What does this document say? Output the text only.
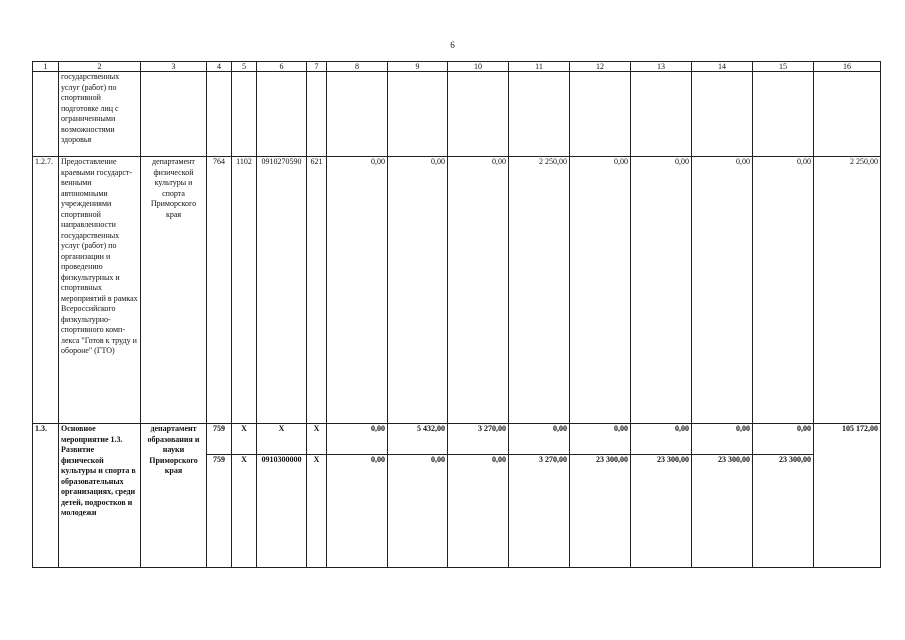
6
1	2	3	4	5	6	7	8	9	10	11	12	13	14	15	16
	государственных услуг (работ) по спортивной подготовке лиц с ограниченными возможностями здоровья														
1.2.7.	Предоставление краевыми государст-венными автономными учреждениями спортивной направленности государственных услуг (работ) по организации и проведению физкультурных и спортивных мероприятий в рамках Всероссийского физкультурно-спортивного комп-лекса "Готов к труду и обороне" (ГТО)	департамент физической культуры и спорта Приморского края	764	1102	0910270590	621	0,00	0,00	0,00	2 250,00	0,00	0,00	0,00	0,00	2 250,00
1.3.	Основное мероприятие 1.3. Развитие физической культуры и спорта в образовательных организациях, среди детей, подростков и молодежи	департамент образования и науки Приморского края	759	X	X	X	0,00	5 432,00	3 270,00	0,00	0,00	0,00	0,00	0,00	105 172,00
			759	X	0910300000	X	0,00	0,00	0,00	3 270,00	23 300,00	23 300,00	23 300,00	23 300,00	
